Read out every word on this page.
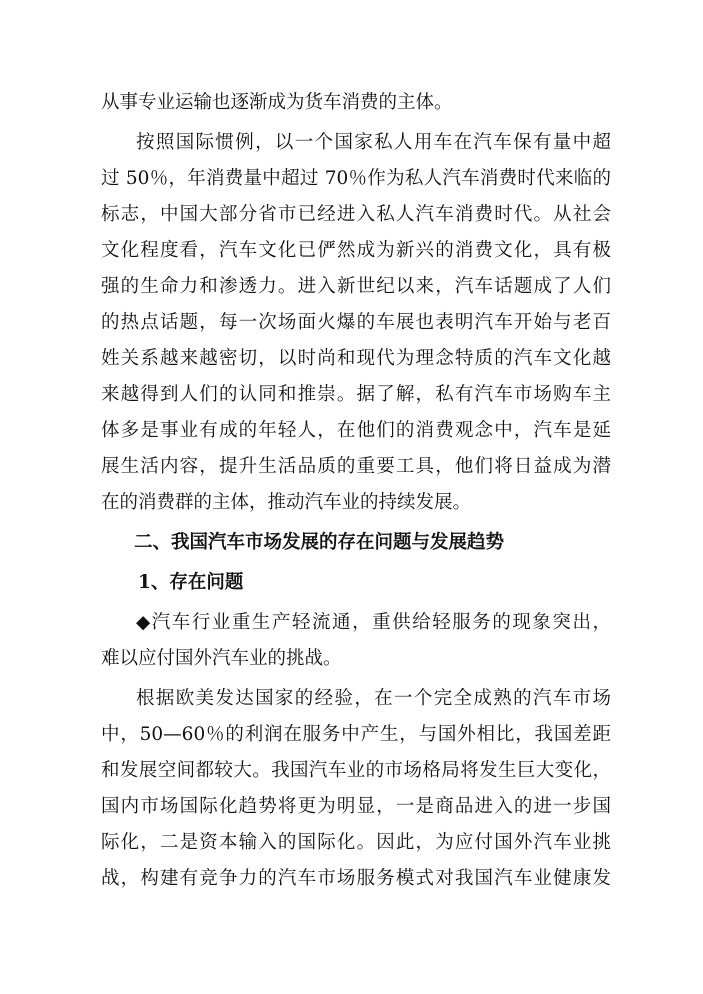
从事专业运输也逐渐成为货车消费的主体。
按照国际惯例，以一个国家私人用车在汽车保有量中超
过 50％，年消费量中超过 70％作为私人汽车消费时代来临的
标志，中国大部分省市已经进入私人汽车消费时代。从社会
文化程度看，汽车文化已俨然成为新兴的消费文化，具有极
强的生命力和渗透力。进入新世纪以来，汽车话题成了人们
的热点话题，每一次场面火爆的车展也表明汽车开始与老百
姓关系越来越密切，以时尚和现代为理念特质的汽车文化越
来越得到人们的认同和推崇。据了解，私有汽车市场购车主
体多是事业有成的年轻人，在他们的消费观念中，汽车是延
展生活内容，提升生活品质的重要工具，他们将日益成为潜
在的消费群的主体，推动汽车业的持续发展。
二、我国汽车市场发展的存在问题与发展趋势
1、存在问题
◆汽车行业重生产轻流通，重供给轻服务的现象突出，
难以应付国外汽车业的挑战。
根据欧美发达国家的经验，在一个完全成熟的汽车市场
中，50—60％的利润在服务中产生，与国外相比，我国差距
和发展空间都较大。我国汽车业的市场格局将发生巨大变化，
国内市场国际化趋势将更为明显，一是商品进入的进一步国
际化，二是资本输入的国际化。因此，为应付国外汽车业挑
战，构建有竞争力的汽车市场服务模式对我国汽车业健康发
